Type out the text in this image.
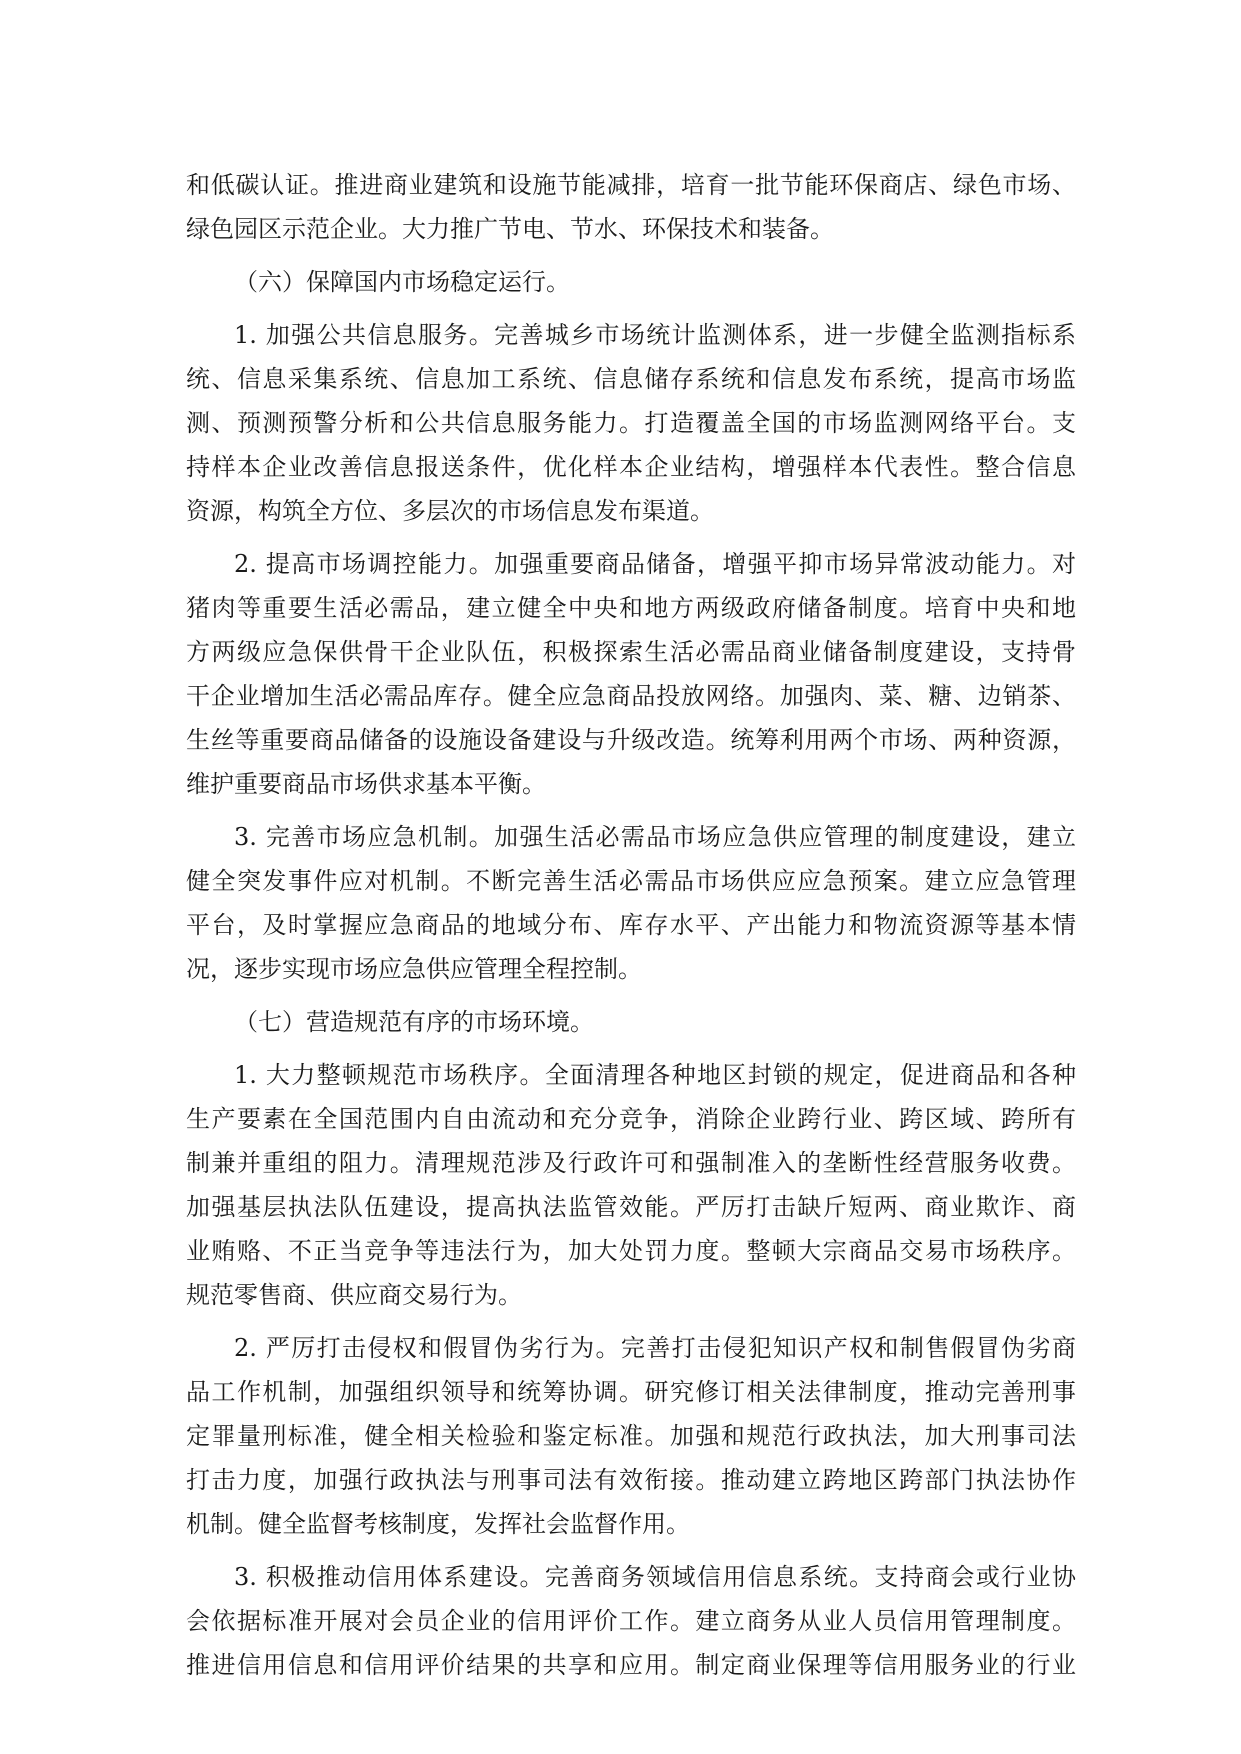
和低碳认证。推进商业建筑和设施节能减排，培育一批节能环保商店、绿色市场、
绿色园区示范企业。大力推广节电、节水、环保技术和装备。
（六）保障国内市场稳定运行。
1. 加强公共信息服务。完善城乡市场统计监测体系，进一步健全监测指标系
统、信息采集系统、信息加工系统、信息储存系统和信息发布系统，提高市场监
测、预测预警分析和公共信息服务能力。打造覆盖全国的市场监测网络平台。支
持样本企业改善信息报送条件，优化样本企业结构，增强样本代表性。整合信息
资源，构筑全方位、多层次的市场信息发布渠道。
2. 提高市场调控能力。加强重要商品储备，增强平抑市场异常波动能力。对
猪肉等重要生活必需品，建立健全中央和地方两级政府储备制度。培育中央和地
方两级应急保供骨干企业队伍，积极探索生活必需品商业储备制度建设，支持骨
干企业增加生活必需品库存。健全应急商品投放网络。加强肉、菜、糖、边销茶、
生丝等重要商品储备的设施设备建设与升级改造。统筹利用两个市场、两种资源，
维护重要商品市场供求基本平衡。
3. 完善市场应急机制。加强生活必需品市场应急供应管理的制度建设，建立
健全突发事件应对机制。不断完善生活必需品市场供应应急预案。建立应急管理
平台，及时掌握应急商品的地域分布、库存水平、产出能力和物流资源等基本情
况，逐步实现市场应急供应管理全程控制。
（七）营造规范有序的市场环境。
1. 大力整顿规范市场秩序。全面清理各种地区封锁的规定，促进商品和各种
生产要素在全国范围内自由流动和充分竞争，消除企业跨行业、跨区域、跨所有
制兼并重组的阻力。清理规范涉及行政许可和强制准入的垄断性经营服务收费。
加强基层执法队伍建设，提高执法监管效能。严厉打击缺斤短两、商业欺诈、商
业贿赂、不正当竞争等违法行为，加大处罚力度。整顿大宗商品交易市场秩序。
规范零售商、供应商交易行为。
2. 严厉打击侵权和假冒伪劣行为。完善打击侵犯知识产权和制售假冒伪劣商
品工作机制，加强组织领导和统筹协调。研究修订相关法律制度，推动完善刑事
定罪量刑标准，健全相关检验和鉴定标准。加强和规范行政执法，加大刑事司法
打击力度，加强行政执法与刑事司法有效衔接。推动建立跨地区跨部门执法协作
机制。健全监督考核制度，发挥社会监督作用。
3. 积极推动信用体系建设。完善商务领域信用信息系统。支持商会或行业协
会依据标准开展对会员企业的信用评价工作。建立商务从业人员信用管理制度。
推进信用信息和信用评价结果的共享和应用。制定商业保理等信用服务业的行业
